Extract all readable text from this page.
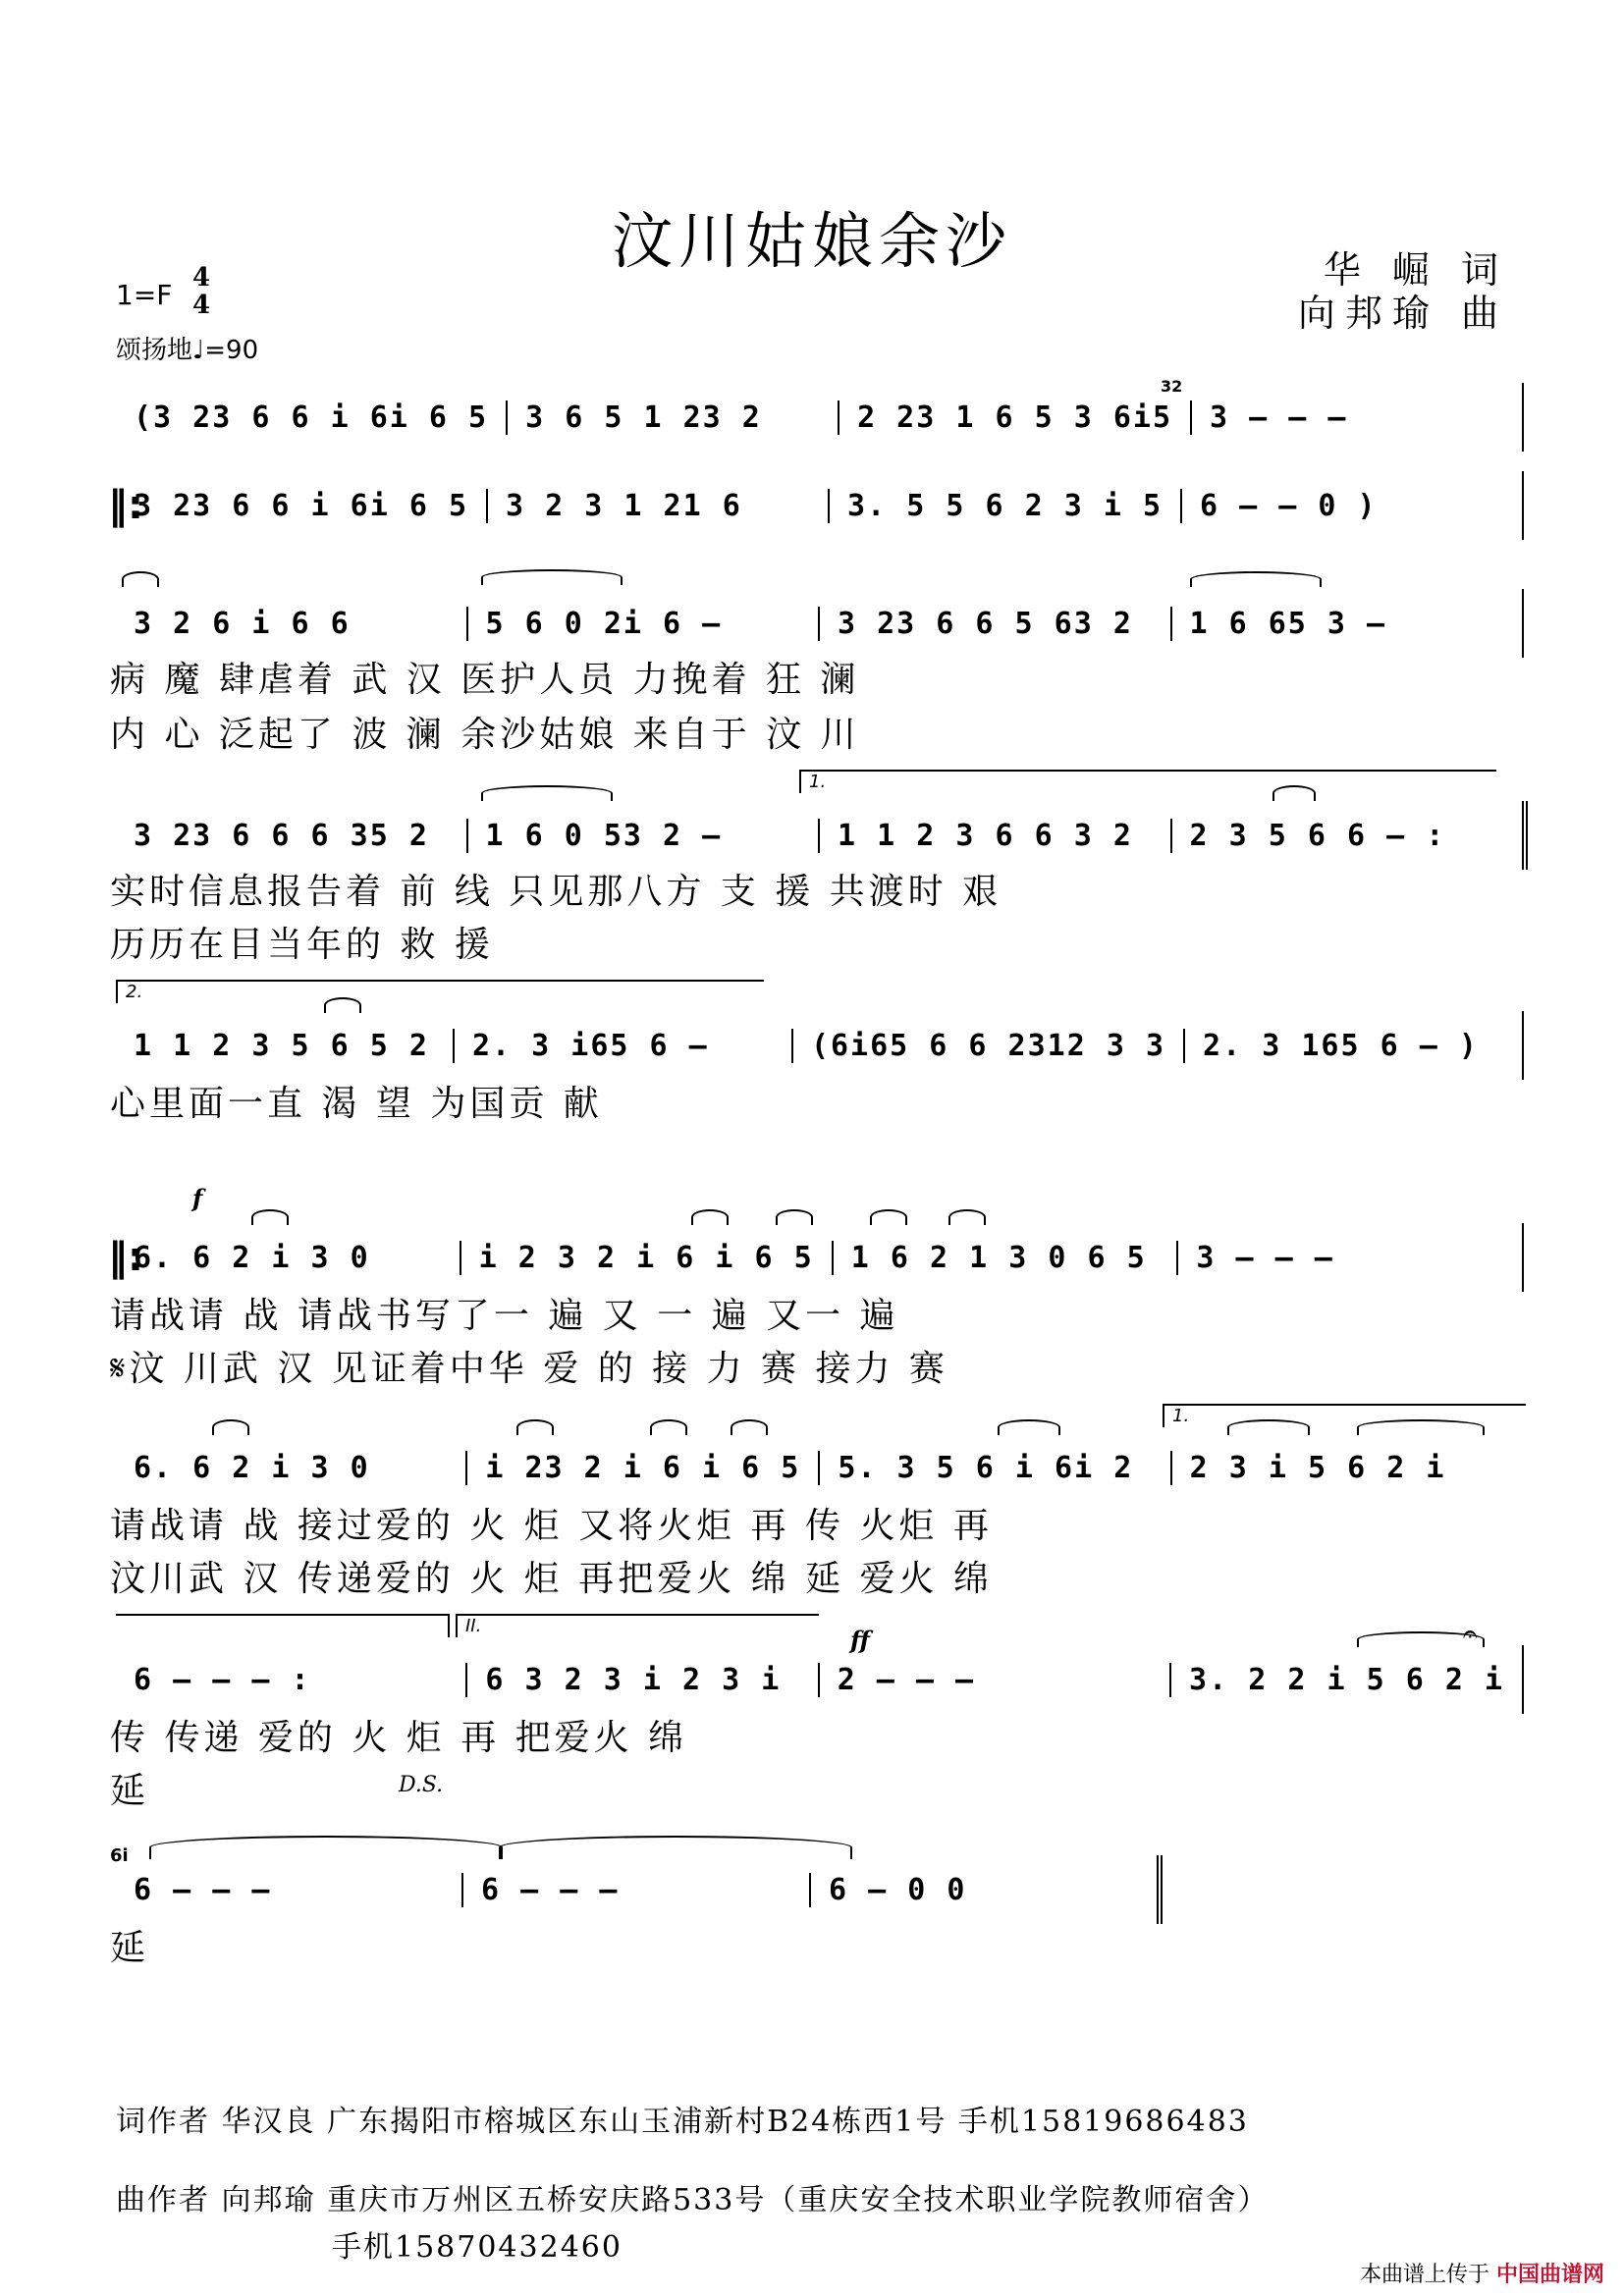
汶川姑娘余沙	华 崛 词
向邦瑜 曲
1=F
4
4
颂扬地♩=90
(3 23 6 6 i 6i 6 5	3 6 5 1 23 2	2 23 1 6 5 3 6i5	3 – – –
32
‖: 3 23 6 6 i 6i 6 5	3 2 3 1 21 6	3. 5 5 6 2 3 i 5	6 – – 0 )
3 2 6 i 6 6	5 6 0 2i 6 –	3 23 6 6 5 63 2	1 6 65 3 –
病 魔 肆虐着 武 汉 医护人员 力挽着 狂 澜
内 心 泛起了 波 澜 余沙姑娘 来自于 汶 川
1.
3 23 6 6 6 35 2	1 6 0 53 2 –	1 1 2 3 6 6 3 2	2 3 5 6 6 – :
实时信息报告着 前 线 只见那八方 支 援 共渡时 艰
历历在目当年的 救 援
2.
1 1 2 3 5 6 5 2	2. 3 i65 6 –	(6i65 6 6 2312 3 3	2. 3 165 6 – )
心里面一直 渴 望 为国贡 献
f
‖: 6. 6 2 i 3 0	i 2 3 2 i 6 i 6 5	1 6 2 1 3 0 6 5	3 – – –
请战请 战 请战书写了一 遍 又 一 遍 又一 遍
𝄋汶 川武 汉 见证着中华 爱 的 接 力 赛 接力 赛
1.
6. 6 2 i 3 0	i 23 2 i 6 i 6 5	5. 3 5 6 i 6i 2	2 3 i 5 6 2 i
请战请 战 接过爱的 火 炬 又将火炬 再 传 火炬 再
汶川武 汉 传递爱的 火 炬 再把爱火 绵 延 爱火 绵
II.	ff	𝄐
6 – – – :	6 3 2 3 i 2 3 i	2 – – –	3. 2 2 i 5 6 2 i
传 传递 爱的 火 炬 再 把爱火 绵
延	D.S.
6i
6 – – –	6 – – –	6 – 0 0
延
词作者 华汉良 广东揭阳市榕城区东山玉浦新村B24栋西1号 手机15819686483
曲作者 向邦瑜 重庆市万州区五桥安庆路533号（重庆安全技术职业学院教师宿舍）
手机15870432460
本曲谱上传于 中国曲谱网
